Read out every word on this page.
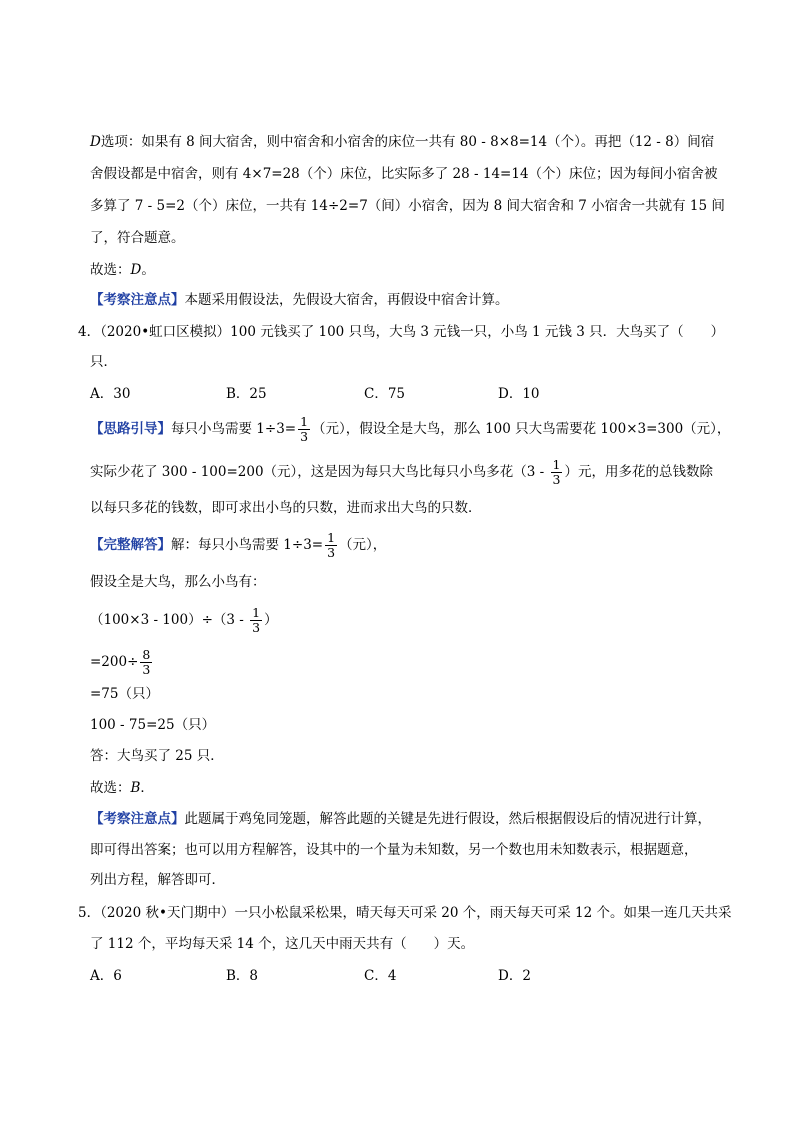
D选项：如果有 8 间大宿舍，则中宿舍和小宿舍的床位一共有 80 - 8×8=14（个）。再把（12 - 8）间宿
舍假设都是中宿舍，则有 4×7=28（个）床位，比实际多了 28 - 14=14（个）床位；因为每间小宿舍被
多算了 7 - 5=2（个）床位，一共有 14÷2=7（间）小宿舍，因为 8 间大宿舍和 7 小宿舍一共就有 15 间
了，符合题意。
故选：D。
【考察注意点】本题采用假设法，先假设大宿舍，再假设中宿舍计算。
4．（2020•虹口区模拟）100 元钱买了 100 只鸟，大鸟 3 元钱一只，小鸟 1 元钱 3 只．大鸟买了（　　）
只．
A．30	B．25	C．75	D．10
【思路引导】每只小鸟需要 $1\div 3= \frac{1}{3}$ （元），假设全是大鸟，那么 100 只大鸟需要花 100×3=300（元），
实际少花了 300 - 100=200（元），这是因为每只大鸟比每只小鸟多花（$3 - \frac{1}{3}$ ）元，用多花的总钱数除
以每只多花的钱数，即可求出小鸟的只数，进而求出大鸟的只数．
【完整解答】解：每只小鸟需要 $1\div 3= \frac{1}{3}$ （元），
假设全是大鸟，那么小鸟有：
$(100\times 3 - 100)\div(3 - \frac{1}{3}$ ）
$=200\div \frac{8}{3}$
=75（只）
100 - 75=25（只）
答：大鸟买了 25 只．
故选：B．
【考察注意点】此题属于鸡兔同笼题，解答此题的关键是先进行假设，然后根据假设后的情况进行计算，
即可得出答案；也可以用方程解答，设其中的一个量为未知数，另一个数也用未知数表示，根据题意，
列出方程，解答即可．
5．（2020 秋•天门期中）一只小松鼠采松果，晴天每天可采 20 个，雨天每天可采 12 个。如果一连几天共采
了 112 个，平均每天采 14 个，这几天中雨天共有（　　）天。
A．6	B．8	C．4	D．2
